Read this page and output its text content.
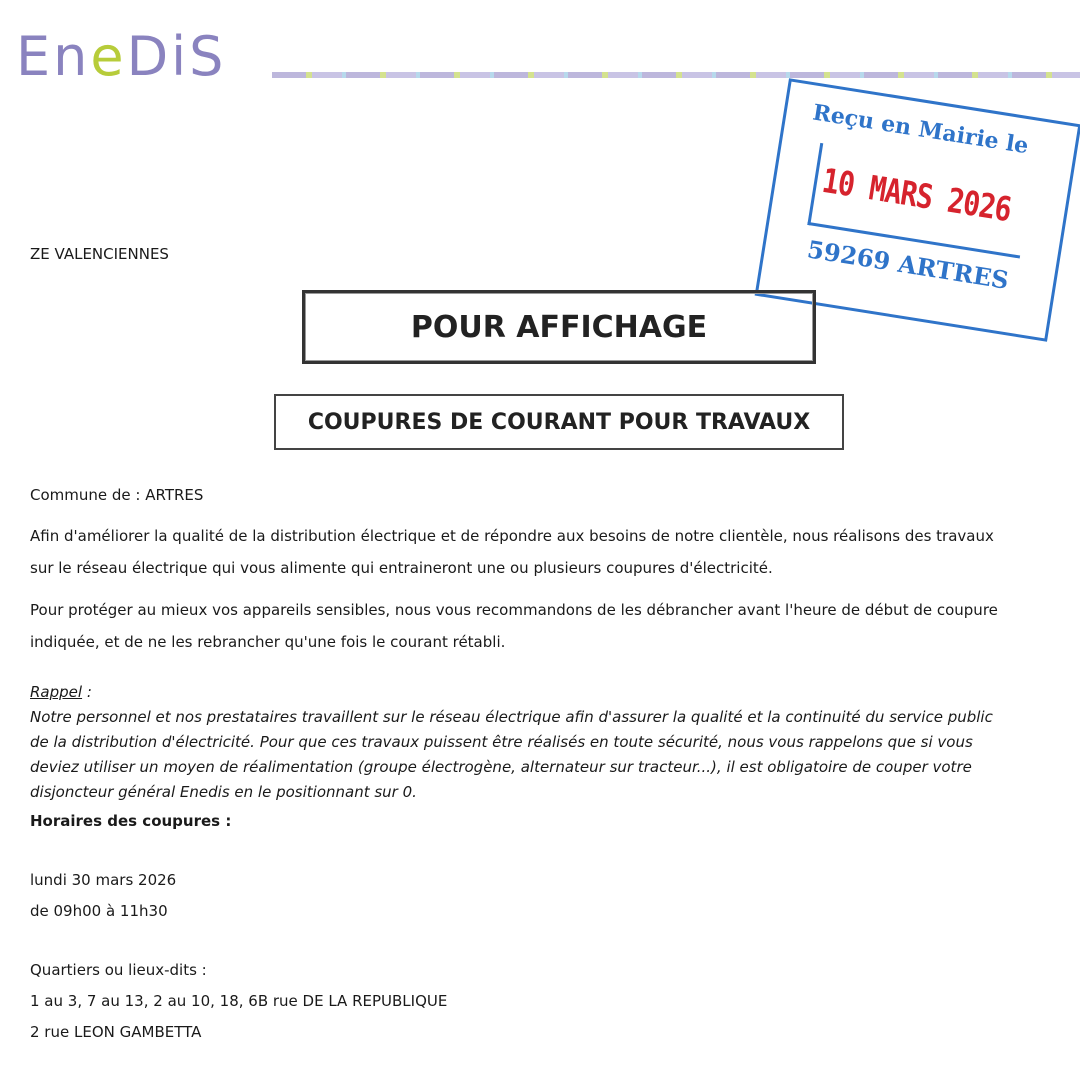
EneDiS
Reçu en Mairie le
10 MARS 2026
59269 ARTRES
ZE VALENCIENNES
POUR AFFICHAGE
COUPURES DE COURANT POUR TRAVAUX
Commune de : ARTRES
Afin d'améliorer la qualité de la distribution électrique et de répondre aux besoins de notre clientèle, nous réalisons des travaux
sur le réseau électrique qui vous alimente qui entraineront une ou plusieurs coupures d'électricité.
Pour protéger au mieux vos appareils sensibles, nous vous recommandons de les débrancher avant l'heure de début de coupure
indiquée, et de ne les rebrancher qu'une fois le courant rétabli.
Rappel :
Notre personnel et nos prestataires travaillent sur le réseau électrique afin d'assurer la qualité et la continuité du service public
de la distribution d'électricité. Pour que ces travaux puissent être réalisés en toute sécurité, nous vous rappelons que si vous
deviez utiliser un moyen de réalimentation (groupe électrogène, alternateur sur tracteur...), il est obligatoire de couper votre
disjoncteur général Enedis en le positionnant sur 0.
Horaires des coupures :
lundi 30 mars 2026
de 09h00 à 11h30
Quartiers ou lieux-dits :
1 au 3, 7 au 13, 2 au 10, 18, 6B rue DE LA REPUBLIQUE
2 rue LEON GAMBETTA
